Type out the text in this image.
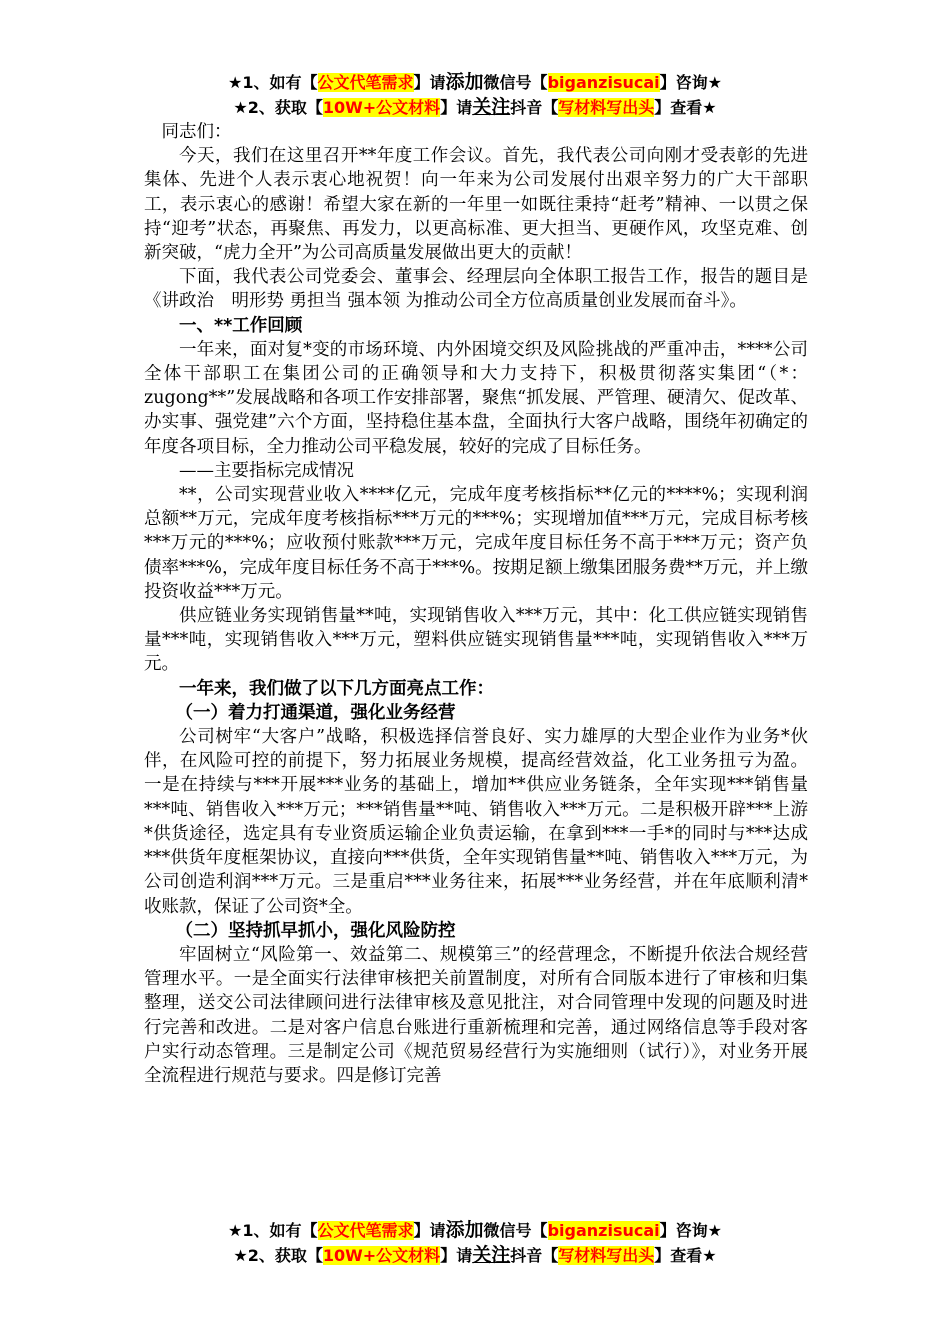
★1、如有【公文代笔需求】请添加微信号【biganzisucai】咨询★
★2、获取【10W+公文材料】请关注抖音【写材料写出头】查看★

同志们：

今天，我们在这里召开**年度工作会议。首先，我代表公司向刚才受表彰的先进集体、先进个人表示衷心地祝贺！向一年来为公司发展付出艰辛努力的广大干部职工，表示衷心的感谢！希望大家在新的一年里一如既往秉持“赶考”精神、一以贯之保持“迎考”状态，再聚焦、再发力，以更高标准、更大担当、更硬作风，攻坚克难、创新突破，“虎力全开”为公司高质量发展做出更大的贡献！

下面，我代表公司党委会、董事会、经理层向全体职工报告工作，报告的题目是《讲政治　明形势 勇担当 强本领 为推动公司全方位高质量创业发展而奋斗》。

一、**工作回顾

一年来，面对复*变的市场环境、内外困境交织及风险挑战的严重冲击，****公司全体干部职工在集团公司的正确领导和大力支持下，积极贯彻落实集团“（*：zugong**”发展战略和各项工作安排部署，聚焦“抓发展、严管理、硬清欠、促改革、办实事、强党建”六个方面，坚持稳住基本盘，全面执行大客户战略，围绕年初确定的年度各项目标，全力推动公司平稳发展，较好的完成了目标任务。

——主要指标完成情况

**，公司实现营业收入****亿元，完成年度考核指标**亿元的****%；实现利润总额**万元，完成年度考核指标***万元的***%；实现增加值***万元，完成目标考核***万元的***%；应收预付账款***万元，完成年度目标任务不高于***万元；资产负债率***%，完成年度目标任务不高于***%。按期足额上缴集团服务费**万元，并上缴投资收益***万元。

供应链业务实现销售量**吨，实现销售收入***万元，其中：化工供应链实现销售量***吨，实现销售收入***万元，塑料供应链实现销售量***吨，实现销售收入***万元。

一年来，我们做了以下几方面亮点工作：

（一）着力打通渠道，强化业务经营

公司树牢“大客户”战略，积极选择信誉良好、实力雄厚的大型企业作为业务*伙伴，在风险可控的前提下，努力拓展业务规模，提高经营效益，化工业务扭亏为盈。一是在持续与***开展***业务的基础上，增加**供应业务链条，全年实现***销售量***吨、销售收入***万元；***销售量**吨、销售收入***万元。二是积极开辟***上游*供货途径，选定具有专业资质运输企业负责运输，在拿到***一手*的同时与***达成***供货年度框架协议，直接向***供货，全年实现销售量**吨、销售收入***万元，为公司创造利润***万元。三是重启***业务往来，拓展***业务经营，并在年底顺利清*收账款，保证了公司资*全。

（二）坚持抓早抓小，强化风险防控

牢固树立“风险第一、效益第二、规模第三”的经营理念，不断提升依法合规经营管理水平。一是全面实行法律审核把关前置制度，对所有合同版本进行了审核和归集整理，送交公司法律顾问进行法律审核及意见批注，对合同管理中发现的问题及时进行完善和改进。二是对客户信息台账进行重新梳理和完善，通过网络信息等手段对客户实行动态管理。三是制定公司《规范贸易经营行为实施细则（试行）》，对业务开展全流程进行规范与要求。四是修订完善

★1、如有【公文代笔需求】请添加微信号【biganzisucai】咨询★
★2、获取【10W+公文材料】请关注抖音【写材料写出头】查看★
